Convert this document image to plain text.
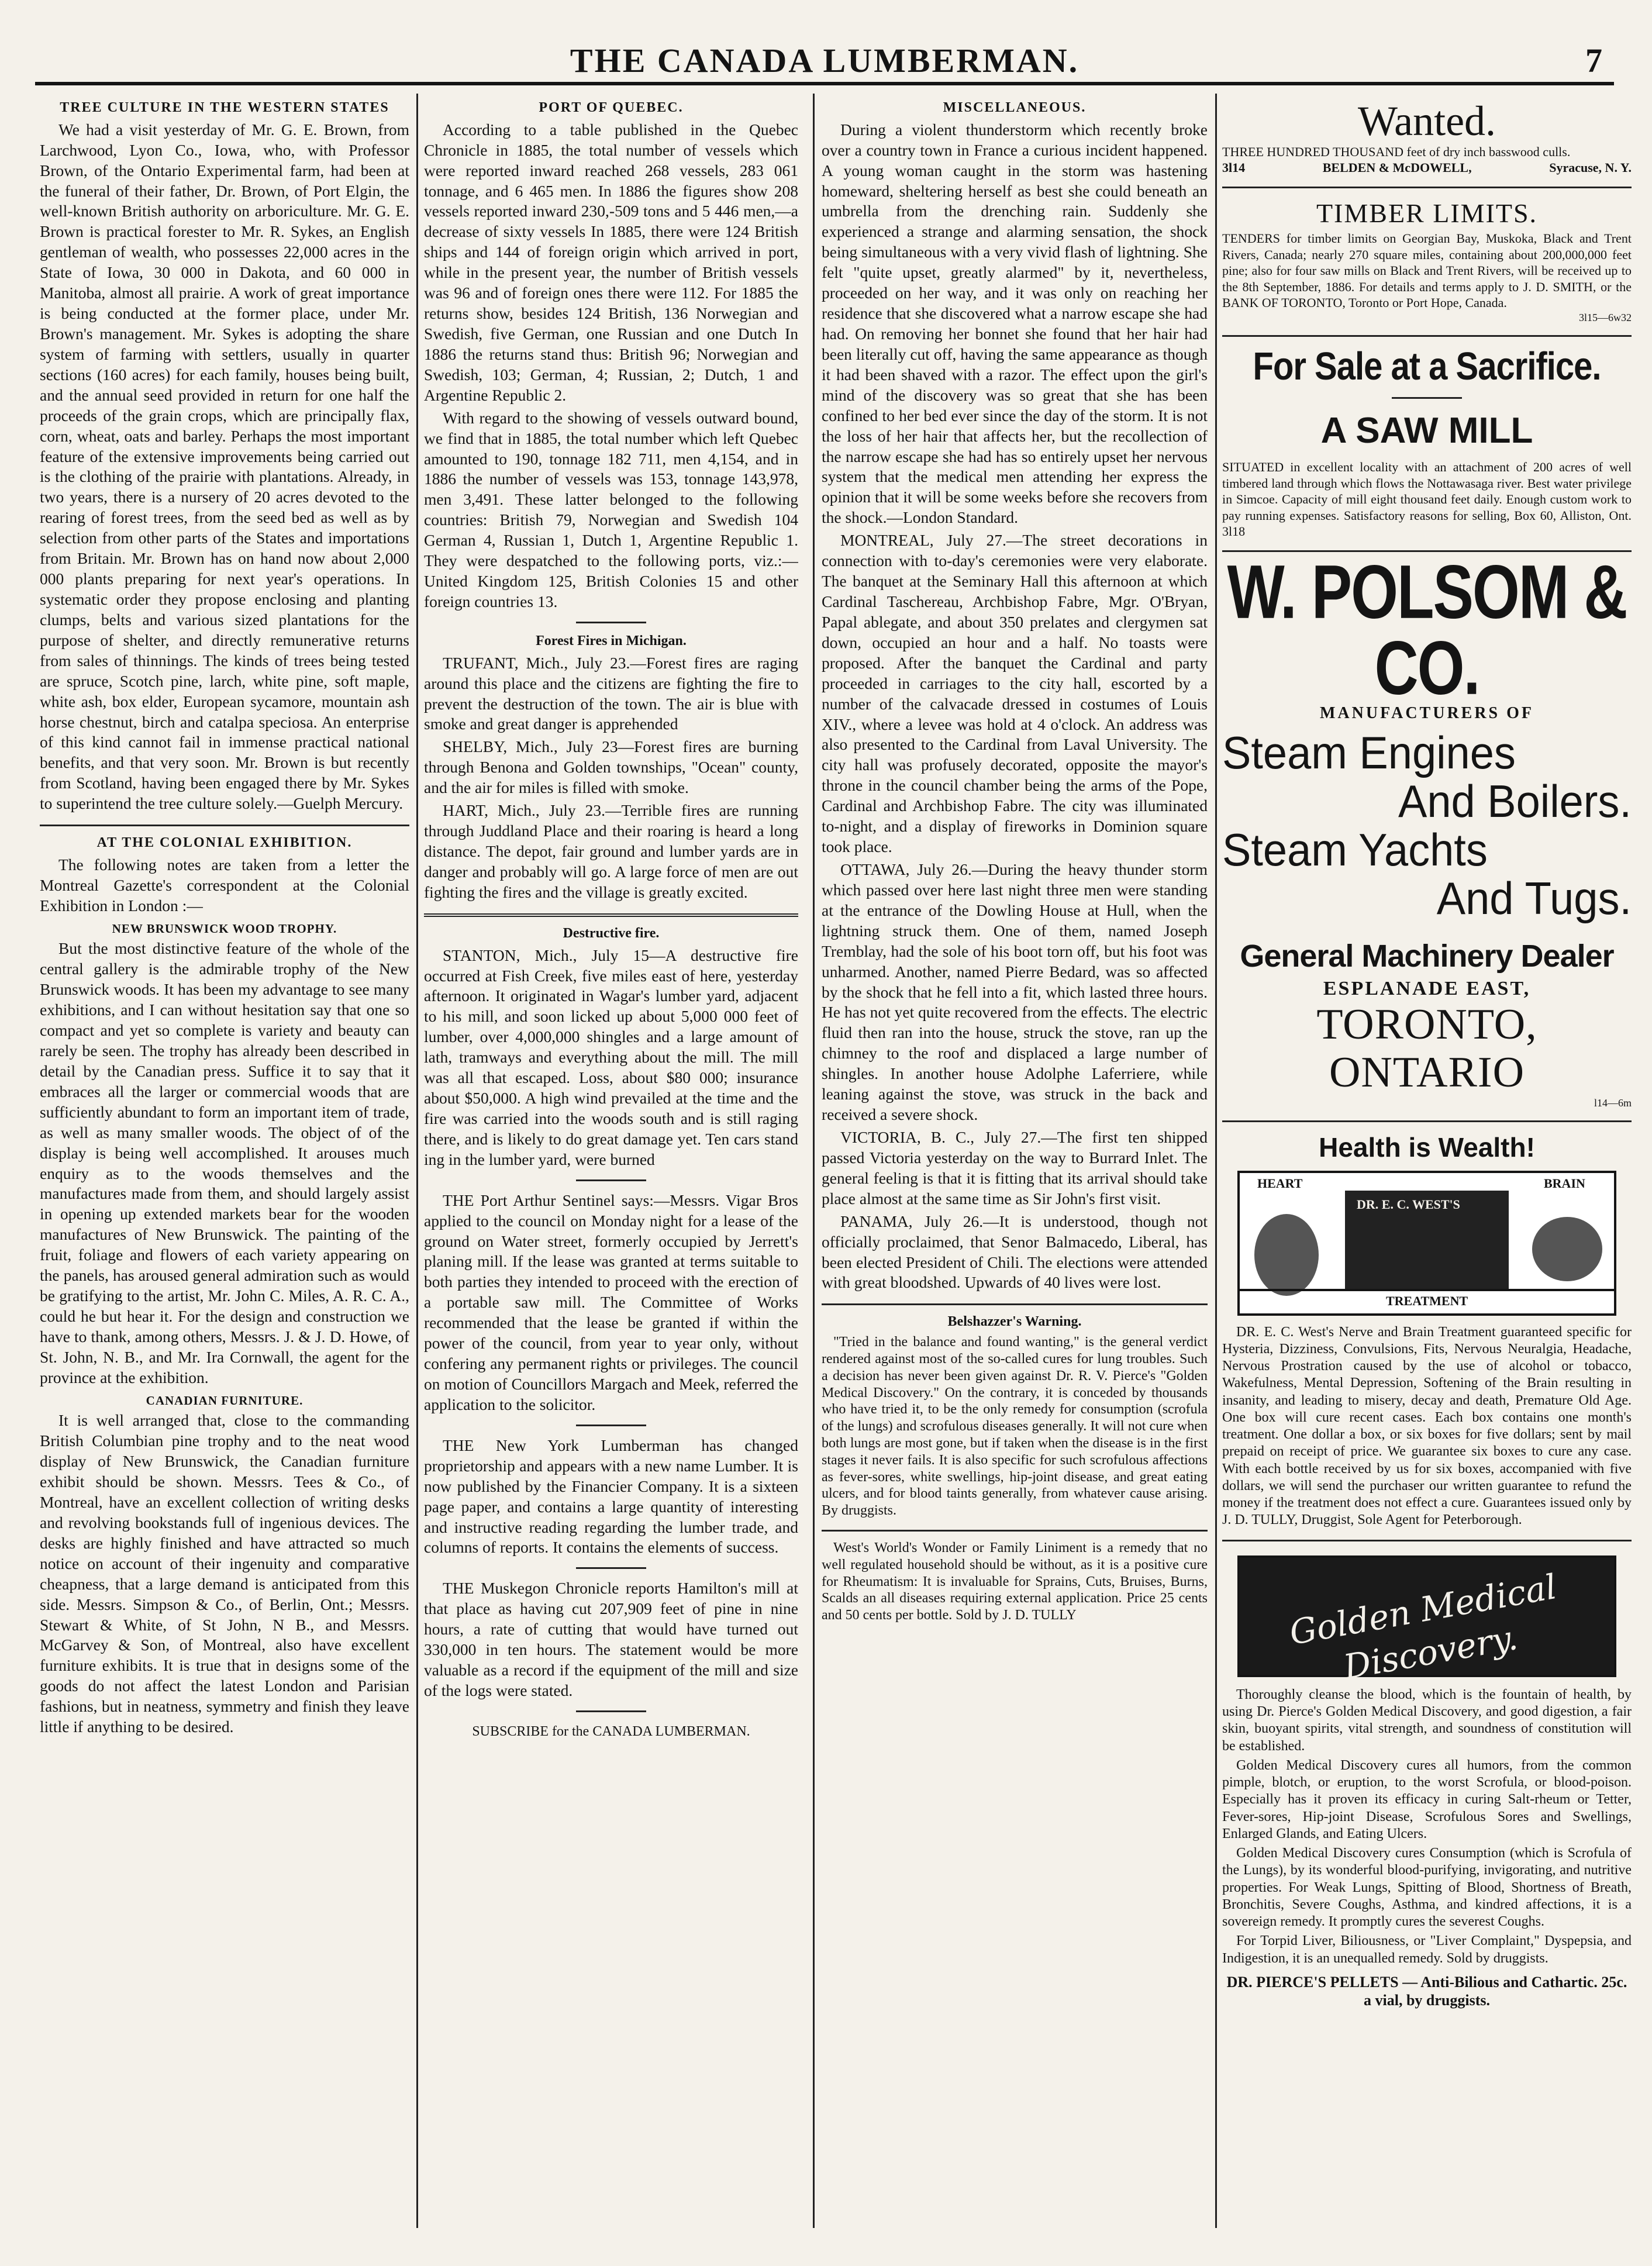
THE CANADA LUMBERMAN.	7
TREE CULTURE IN THE WESTERN STATES

We had a visit yesterday of Mr. G. E. Brown, from Larchwood, Lyon Co., Iowa, who, with Professor Brown, of the Ontario Experimental farm, had been at the funeral of their father, Dr. Brown, of Port Elgin, the well-known British authority on arboriculture. Mr. G. E. Brown is practical forester to Mr. R. Sykes, an English gentleman of wealth, who possesses 22,000 acres in the State of Iowa, 30 000 in Dakota, and 60 000 in Manitoba, almost all prairie. A work of great importance is being conducted at the former place, under Mr. Brown's management. Mr. Sykes is adopting the share system of farming with settlers, usually in quarter sections (160 acres) for each family, houses being built, and the annual seed provided in return for one half the proceeds of the grain crops, which are principally flax, corn, wheat, oats and barley. Perhaps the most important feature of the extensive improvements being carried out is the clothing of the prairie with plantations. Already, in two years, there is a nursery of 20 acres devoted to the rearing of forest trees, from the seed bed as well as by selection from other parts of the States and importations from Britain. Mr. Brown has on hand now about 2,000 000 plants preparing for next year's operations. In systematic order they propose enclosing and planting clumps, belts and various sized plantations for the purpose of shelter, and directly remunerative returns from sales of thinnings. The kinds of trees being tested are spruce, Scotch pine, larch, white pine, soft maple, white ash, box elder, European sycamore, mountain ash horse chestnut, birch and catalpa speciosa. An enterprise of this kind cannot fail in immense practical national benefits, and that very soon. Mr. Brown is but recently from Scotland, having been engaged there by Mr. Sykes to superintend the tree culture solely.—Guelph Mercury.

AT THE COLONIAL EXHIBITION.

The following notes are taken from a letter the Montreal Gazette's correspondent at the Colonial Exhibition in London :—

NEW BRUNSWICK WOOD TROPHY.

But the most distinctive feature of the whole of the central gallery is the admirable trophy of the New Brunswick woods. It has been my advantage to see many exhibitions, and I can without hesitation say that one so compact and yet so complete is variety and beauty can rarely be seen. The trophy has already been described in detail by the Canadian press. Suffice it to say that it embraces all the larger or commercial woods that are sufficiently abundant to form an important item of trade, as well as many smaller woods. The object of of the display is being well accomplished. It arouses much enquiry as to the woods themselves and the manufactures made from them, and should largely assist in opening up extended markets bear for the wooden manufactures of New Brunswick. The painting of the fruit, foliage and flowers of each variety appearing on the panels, has aroused general admiration such as would be gratifying to the artist, Mr. John C. Miles, A. R. C. A., could he but hear it. For the design and construction we have to thank, among others, Messrs. J. & J. D. Howe, of St. John, N. B., and Mr. Ira Cornwall, the agent for the province at the exhibition.

CANADIAN FURNITURE.

It is well arranged that, close to the commanding British Columbian pine trophy and to the neat wood display of New Brunswick, the Canadian furniture exhibit should be shown. Messrs. Tees & Co., of Montreal, have an excellent collection of writing desks and revolving bookstands full of ingenious devices. The desks are highly finished and have attracted so much notice on account of their ingenuity and comparative cheapness, that a large demand is anticipated from this side. Messrs. Simpson & Co., of Berlin, Ont.; Messrs. Stewart & White, of St John, N B., and Messrs. McGarvey & Son, of Montreal, also have excellent furniture exhibits. It is true that in designs some of the goods do not affect the latest London and Parisian fashions, but in neatness, symmetry and finish they leave little if anything to be desired.

PORT OF QUEBEC.

According to a table published in the Quebec Chronicle in 1885, the total number of vessels which were reported inward reached 268 vessels, 283 061 tonnage, and 6 465 men. In 1886 the figures show 208 vessels reported inward 230,-509 tons and 5 446 men,—a decrease of sixty vessels In 1885, there were 124 British ships and 144 of foreign origin which arrived in port, while in the present year, the number of British vessels was 96 and of foreign ones there were 112. For 1885 the returns show, besides 124 British, 136 Norwegian and Swedish, five German, one Russian and one Dutch In 1886 the returns stand thus: British 96; Norwegian and Swedish, 103; German, 4; Russian, 2; Dutch, 1 and Argentine Republic 2.

With regard to the showing of vessels outward bound, we find that in 1885, the total number which left Quebec amounted to 190, tonnage 182 711, men 4,154, and in 1886 the number of vessels was 153, tonnage 143,978, men 3,491. These latter belonged to the following countries: British 79, Norwegian and Swedish 104 German 4, Russian 1, Dutch 1, Argentine Republic 1. They were despatched to the following ports, viz.:—United Kingdom 125, British Colonies 15 and other foreign countries 13.

Forest Fires in Michigan.

TRUFANT, Mich., July 23.—Forest fires are raging around this place and the citizens are fighting the fire to prevent the destruction of the town. The air is blue with smoke and great danger is apprehended

SHELBY, Mich., July 23—Forest fires are burning through Benona and Golden townships, "Ocean" county, and the air for miles is filled with smoke.

HART, Mich., July 23.—Terrible fires are running through Juddland Place and their roaring is heard a long distance. The depot, fair ground and lumber yards are in danger and probably will go. A large force of men are out fighting the fires and the village is greatly excited.

Destructive fire.

STANTON, Mich., July 15—A destructive fire occurred at Fish Creek, five miles east of here, yesterday afternoon. It originated in Wagar's lumber yard, adjacent to his mill, and soon licked up about 5,000 000 feet of lumber, over 4,000,000 shingles and a large amount of lath, tramways and everything about the mill. The mill was all that escaped. Loss, about $80 000; insurance about $50,000. A high wind prevailed at the time and the fire was carried into the woods south and is still raging there, and is likely to do great damage yet. Ten cars stand ing in the lumber yard, were burned

THE Port Arthur Sentinel says:—Messrs. Vigar Bros applied to the council on Monday night for a lease of the ground on Water street, formerly occupied by Jerrett's planing mill. If the lease was granted at terms suitable to both parties they intended to proceed with the erection of a portable saw mill. The Committee of Works recommended that the lease be granted if within the power of the council, from year to year only, without confering any permanent rights or privileges. The council on motion of Councillors Margach and Meek, referred the application to the solicitor.

THE New York Lumberman has changed proprietorship and appears with a new name Lumber. It is now published by the Financier Company. It is a sixteen page paper, and contains a large quantity of interesting and instructive reading regarding the lumber trade, and columns of reports. It contains the elements of success.

THE Muskegon Chronicle reports Hamilton's mill at that place as having cut 207,909 feet of pine in nine hours, a rate of cutting that would have turned out 330,000 in ten hours. The statement would be more valuable as a record if the equipment of the mill and size of the logs were stated.

SUBSCRIBE for the CANADA LUMBERMAN.
MISCELLANEOUS.

During a violent thunderstorm which recently broke over a country town in France a curious incident happened. A young woman caught in the storm was hastening homeward, sheltering herself as best she could beneath an umbrella from the drenching rain. Suddenly she experienced a strange and alarming sensation, the shock being simultaneous with a very vivid flash of lightning. She felt "quite upset, greatly alarmed" by it, nevertheless, proceeded on her way, and it was only on reaching her residence that she discovered what a narrow escape she had had. On removing her bonnet she found that her hair had been literally cut off, having the same appearance as though it had been shaved with a razor. The effect upon the girl's mind of the discovery was so great that she has been confined to her bed ever since the day of the storm. It is not the loss of her hair that affects her, but the recollection of the narrow escape she had has so entirely upset her nervous system that the medical men attending her express the opinion that it will be some weeks before she recovers from the shock.—London Standard.

MONTREAL, July 27.—The street decorations in connection with to-day's ceremonies were very elaborate. The banquet at the Seminary Hall this afternoon at which Cardinal Taschereau, Archbishop Fabre, Mgr. O'Bryan, Papal ablegate, and about 350 prelates and clergymen sat down, occupied an hour and a half. No toasts were proposed. After the banquet the Cardinal and party proceeded in carriages to the city hall, escorted by a number of the calvacade dressed in costumes of Louis XIV., where a levee was hold at 4 o'clock. An address was also presented to the Cardinal from Laval University. The city hall was profusely decorated, opposite the mayor's throne in the council chamber being the arms of the Pope, Cardinal and Archbishop Fabre. The city was illuminated to-night, and a display of fireworks in Dominion square took place.

OTTAWA, July 26.—During the heavy thunder storm which passed over here last night three men were standing at the entrance of the Dowling House at Hull, when the lightning struck them. One of them, named Joseph Tremblay, had the sole of his boot torn off, but his foot was unharmed. Another, named Pierre Bedard, was so affected by the shock that he fell into a fit, which lasted three hours. He has not yet quite recovered from the effects. The electric fluid then ran into the house, struck the stove, ran up the chimney to the roof and displaced a large number of shingles. In another house Adolphe Laferriere, while leaning against the stove, was struck in the back and received a severe shock.

VICTORIA, B. C., July 27.—The first ten shipped passed Victoria yesterday on the way to Burrard Inlet. The general feeling is that it is fitting that its arrival should take place almost at the same time as Sir John's first visit.

PANAMA, July 26.—It is understood, though not officially proclaimed, that Senor Balmacedo, Liberal, has been elected President of Chili. The elections were attended with great bloodshed. Upwards of 40 lives were lost.

Belshazzer's Warning.

"Tried in the balance and found wanting," is the general verdict rendered against most of the so-called cures for lung troubles. Such a decision has never been given against Dr. R. V. Pierce's "Golden Medical Discovery." On the contrary, it is conceded by thousands who have tried it, to be the only remedy for consumption (scrofula of the lungs) and scrofulous diseases generally. It will not cure when both lungs are most gone, but if taken when the disease is in the first stages it never fails. It is also specific for such scrofulous affections as fever-sores, white swellings, hip-joint disease, and great eating ulcers, and for blood taints generally, from whatever cause arising. By druggists.

West's World's Wonder or Family Liniment is a remedy that no well regulated household should be without, as it is a positive cure for Rheumatism: It is invaluable for Sprains, Cuts, Bruises, Burns, Scalds an all diseases requiring external application. Price 25 cents and 50 cents per bottle. Sold by J. D. TULLY

Wanted.
THREE HUNDRED THOUSAND feet of dry inch basswood culls.
3l14	BELDEN & McDOWELL,	Syracuse, N. Y.
TIMBER LIMITS.
TENDERS for timber limits on Georgian Bay, Muskoka, Black and Trent Rivers, Canada; nearly 270 square miles, containing about 200,000,000 feet pine; also for four saw mills on Black and Trent Rivers, will be received up to the 8th September, 1886. For details and terms apply to J. D. SMITH, or the BANK OF TORONTO, Toronto or Port Hope, Canada.
3l15—6w32
For Sale at a Sacrifice.
A SAW MILL
SITUATED in excellent locality with an attachment of 200 acres of well timbered land through which flows the Nottawasaga river. Best water privilege in Simcoe. Capacity of mill eight thousand feet daily. Enough custom work to pay running expenses. Satisfactory reasons for selling, Box 60, Alliston, Ont. 3l18
W. POLSOM & CO.
MANUFACTURERS OF
Steam Engines
And Boilers.
Steam Yachts
And Tugs.
General Machinery Dealer
ESPLANADE EAST,
TORONTO, ONTARIO
l14—6m
Health is Wealth!
HEART
DR. E. C. WEST'S
BRAIN
TREATMENT

DR. E. C. West's Nerve and Brain Treatment guaranteed specific for Hysteria, Dizziness, Convulsions, Fits, Nervous Neuralgia, Headache, Nervous Prostration caused by the use of alcohol or tobacco, Wakefulness, Mental Depression, Softening of the Brain resulting in insanity, and leading to misery, decay and death, Premature Old Age. One box will cure recent cases. Each box contains one month's treatment. One dollar a box, or six boxes for five dollars; sent by mail prepaid on receipt of price. We guarantee six boxes to cure any case. With each bottle received by us for six boxes, accompanied with five dollars, we will send the purchaser our written guarantee to refund the money if the treatment does not effect a cure. Guarantees issued only by J. D. TULLY, Druggist, Sole Agent for Peterborough.

Golden Medical Discovery.

Thoroughly cleanse the blood, which is the fountain of health, by using Dr. Pierce's Golden Medical Discovery, and good digestion, a fair skin, buoyant spirits, vital strength, and soundness of constitution will be established.

Golden Medical Discovery cures all humors, from the common pimple, blotch, or eruption, to the worst Scrofula, or blood-poison. Especially has it proven its efficacy in curing Salt-rheum or Tetter, Fever-sores, Hip-joint Disease, Scrofulous Sores and Swellings, Enlarged Glands, and Eating Ulcers.

Golden Medical Discovery cures Consumption (which is Scrofula of the Lungs), by its wonderful blood-purifying, invigorating, and nutritive properties. For Weak Lungs, Spitting of Blood, Shortness of Breath, Bronchitis, Severe Coughs, Asthma, and kindred affections, it is a sovereign remedy. It promptly cures the severest Coughs.

For Torpid Liver, Biliousness, or "Liver Complaint," Dyspepsia, and Indigestion, it is an unequalled remedy. Sold by druggists.

DR. PIERCE'S PELLETS — Anti-Bilious and Cathartic. 25c. a vial, by druggists.
